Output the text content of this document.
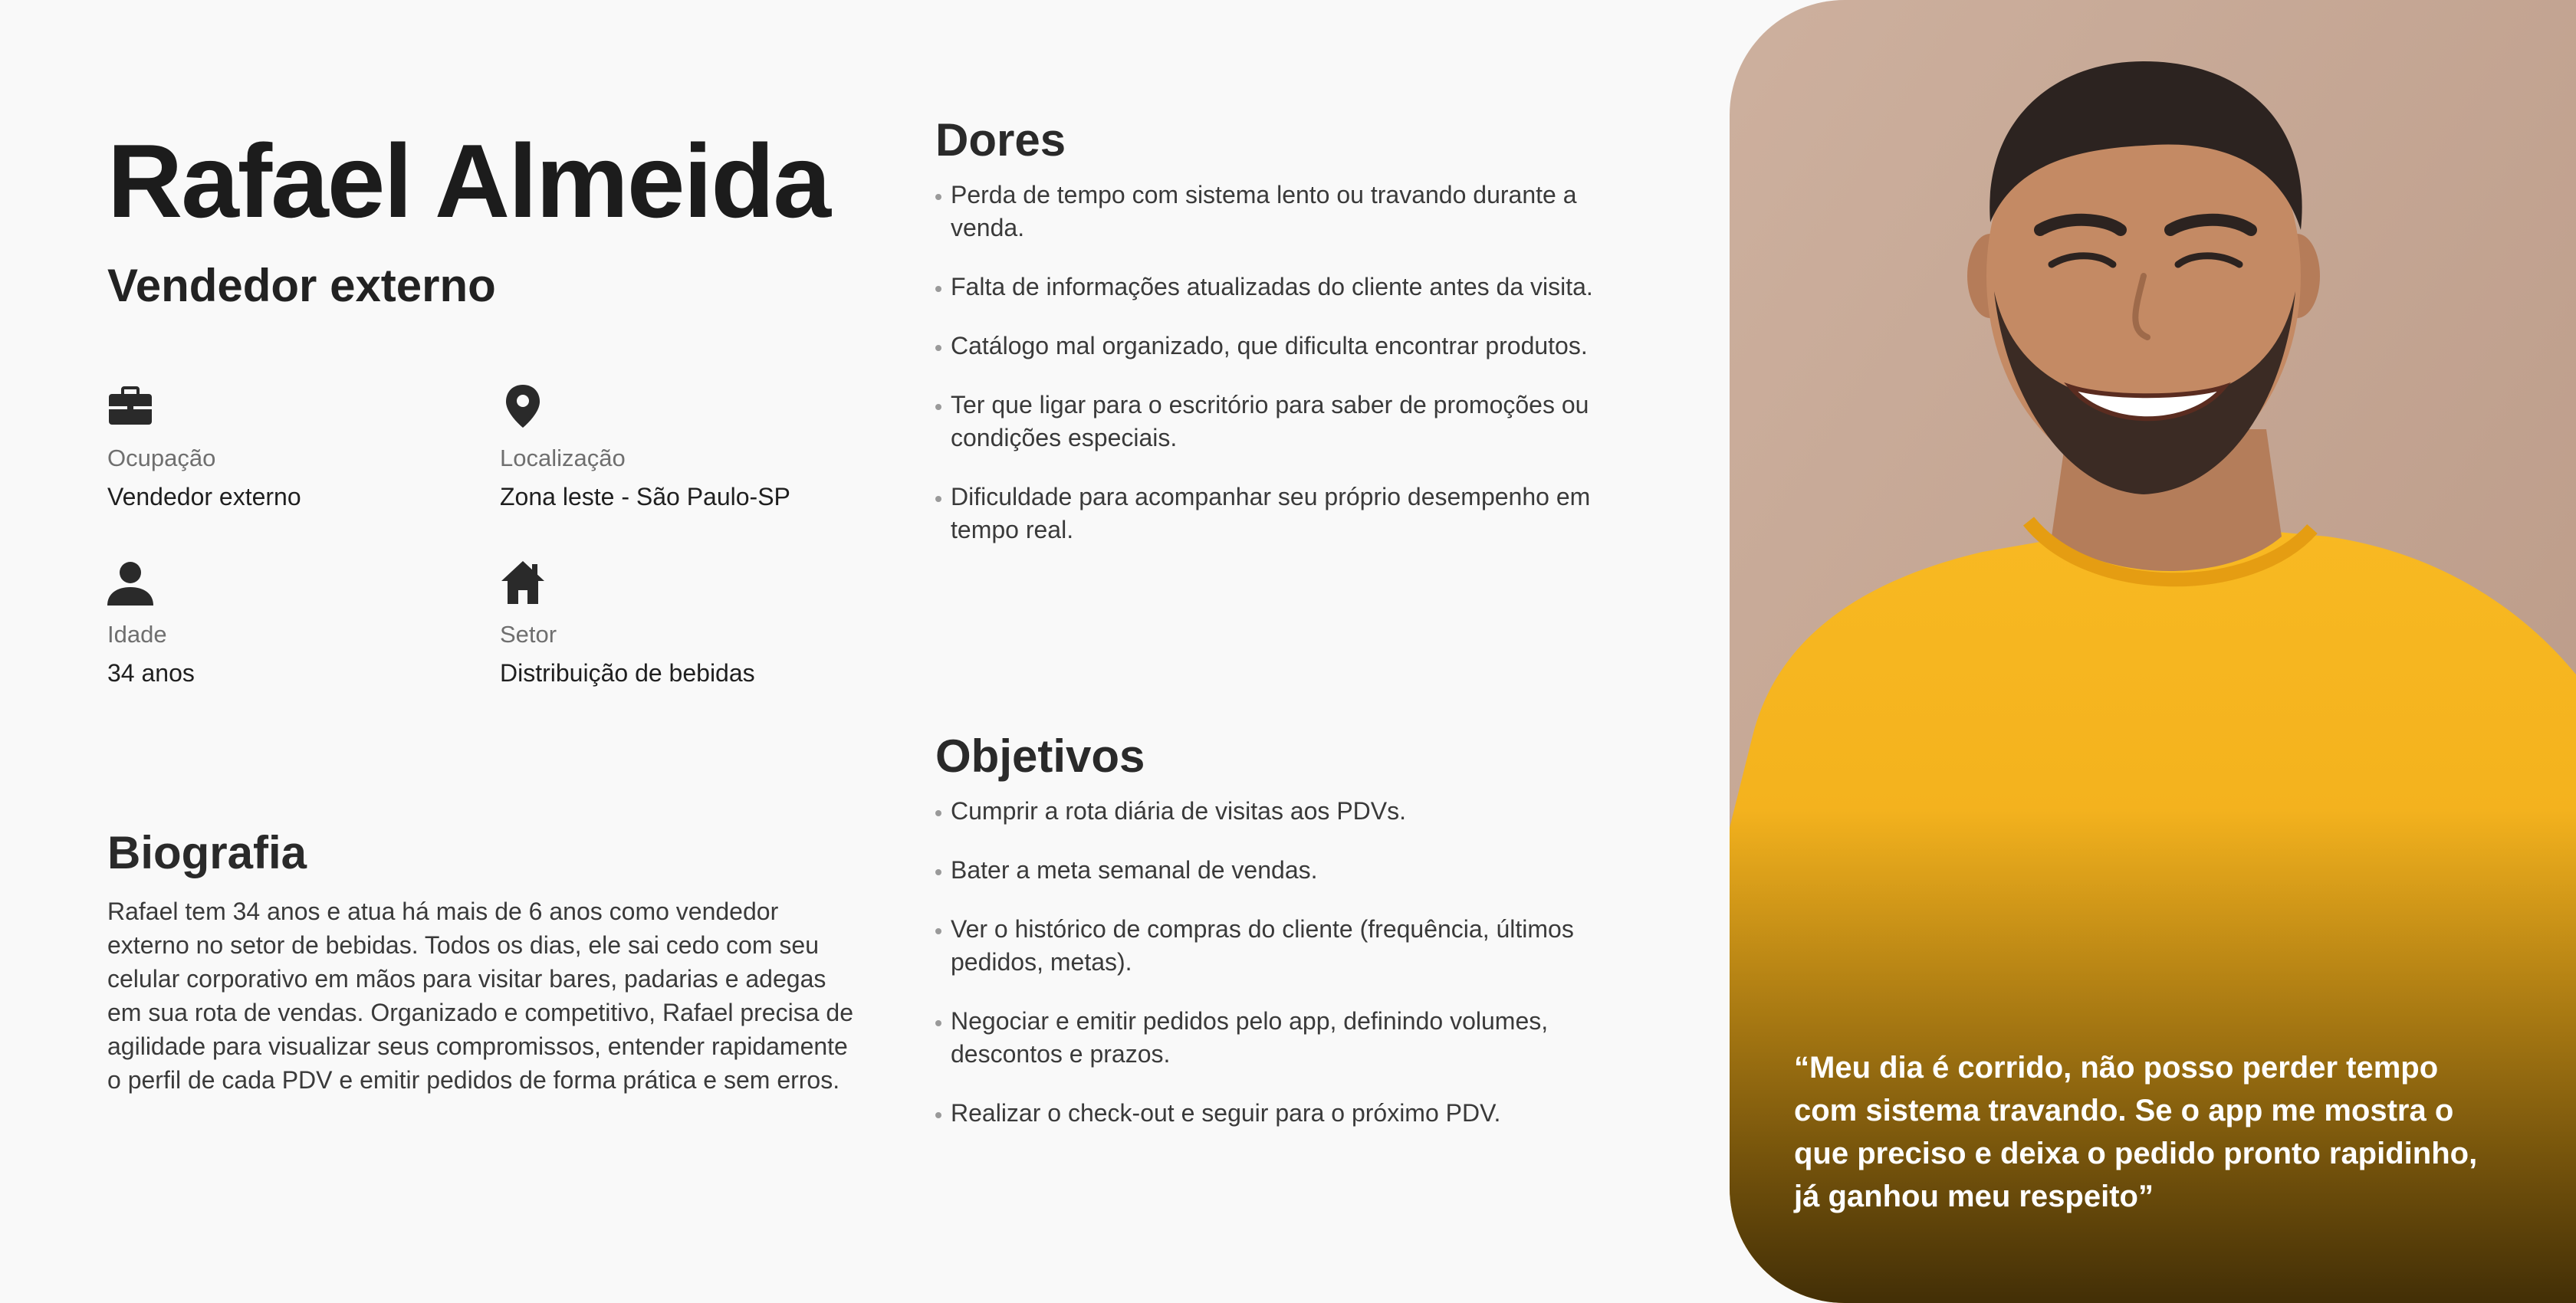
Rafael Almeida
Vendedor externo
Ocupação
Vendedor externo
Localização
Zona leste - São Paulo-SP
Idade
34 anos
Setor
Distribuição de bebidas
Biografia

Rafael tem 34 anos e atua há mais de 6 anos como vendedor externo no setor de bebidas. Todos os dias, ele sai cedo com seu celular corporativo em mãos para visitar bares, padarias e adegas em sua rota de vendas. Organizado e competitivo, Rafael precisa de agilidade para visualizar seus compromissos, entender rapidamente o perfil de cada PDV e emitir pedidos de forma prática e sem erros.

Dores
Perda de tempo com sistema lento ou travando durante a venda.
Falta de informações atualizadas do cliente antes da visita.
Catálogo mal organizado, que dificulta encontrar produtos.
Ter que ligar para o escritório para saber de promoções ou condições especiais.
Dificuldade para acompanhar seu próprio desempenho em tempo real.
Objetivos
Cumprir a rota diária de visitas aos PDVs.
Bater a meta semanal de vendas.
Ver o histórico de compras do cliente (frequência, últimos pedidos, metas).
Negociar e emitir pedidos pelo app, definindo volumes, descontos e prazos.
Realizar o check-out e seguir para o próximo PDV.

“Meu dia é corrido, não posso perder tempo com sistema travando. Se o app me mostra o que preciso e deixa o pedido pronto rapidinho, já ganhou meu respeito”
